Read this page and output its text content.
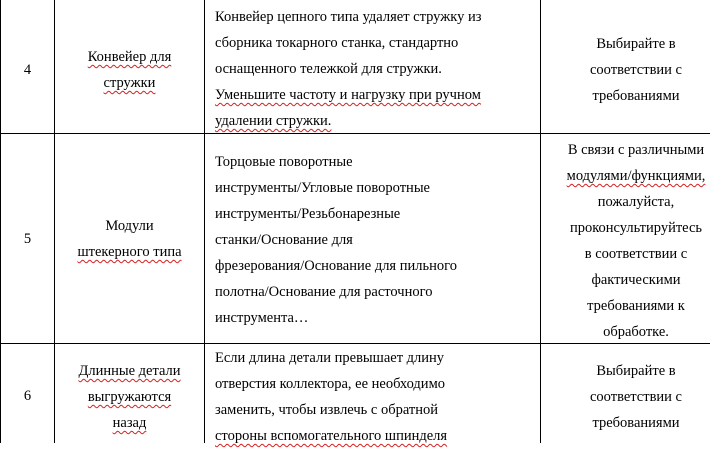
4
Конвейер для
стружки
Конвейер цепного типа удаляет стружку из
сборника токарного станка, стандартно
оснащенного тележкой для стружки.
Уменьшите частоту и нагрузку при ручном
удалении стружки.
Выбирайте в
соответствии с
требованиями
5
Модули
штекерного типа
Торцовые поворотные
инструменты/Угловые поворотные
инструменты/Резьбонарезные
станки/Основание для
фрезерования/Основание для пильного
полотна/Основание для расточного
инструмента…
В связи с различными
модулями/функциями,
пожалуйста,
проконсультируйтесь
в соответствии с
фактическими
требованиями к
обработке.
6
Длинные детали
выгружаются
назад
Если длина детали превышает длину
отверстия коллектора, ее необходимо
заменить, чтобы извлечь с обратной
стороны вспомогательного шпинделя
Выбирайте в
соответствии с
требованиями
